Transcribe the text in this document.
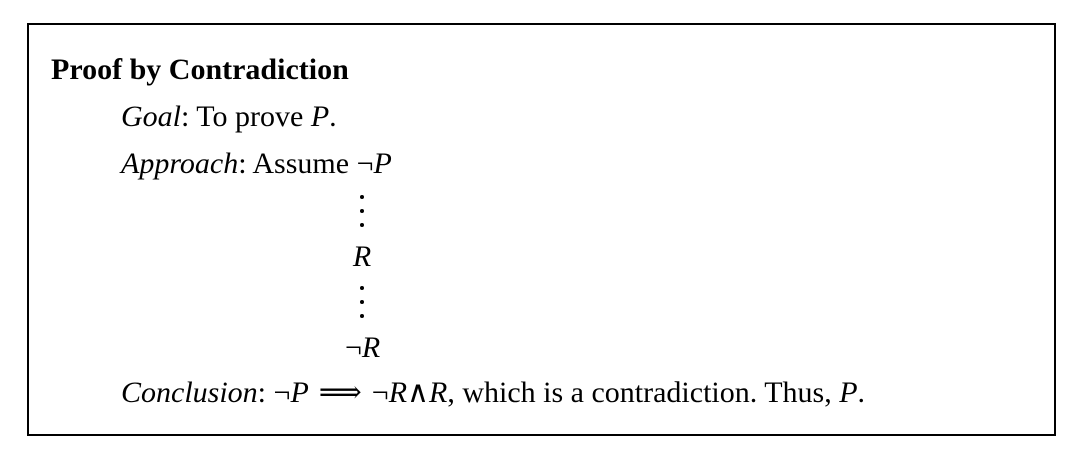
Proof by Contradiction
Goal: To prove P.
Approach: Assume ¬P
R
¬R
Conclusion: ¬P ⟹ ¬R∧R, which is a contradiction. Thus, P.
